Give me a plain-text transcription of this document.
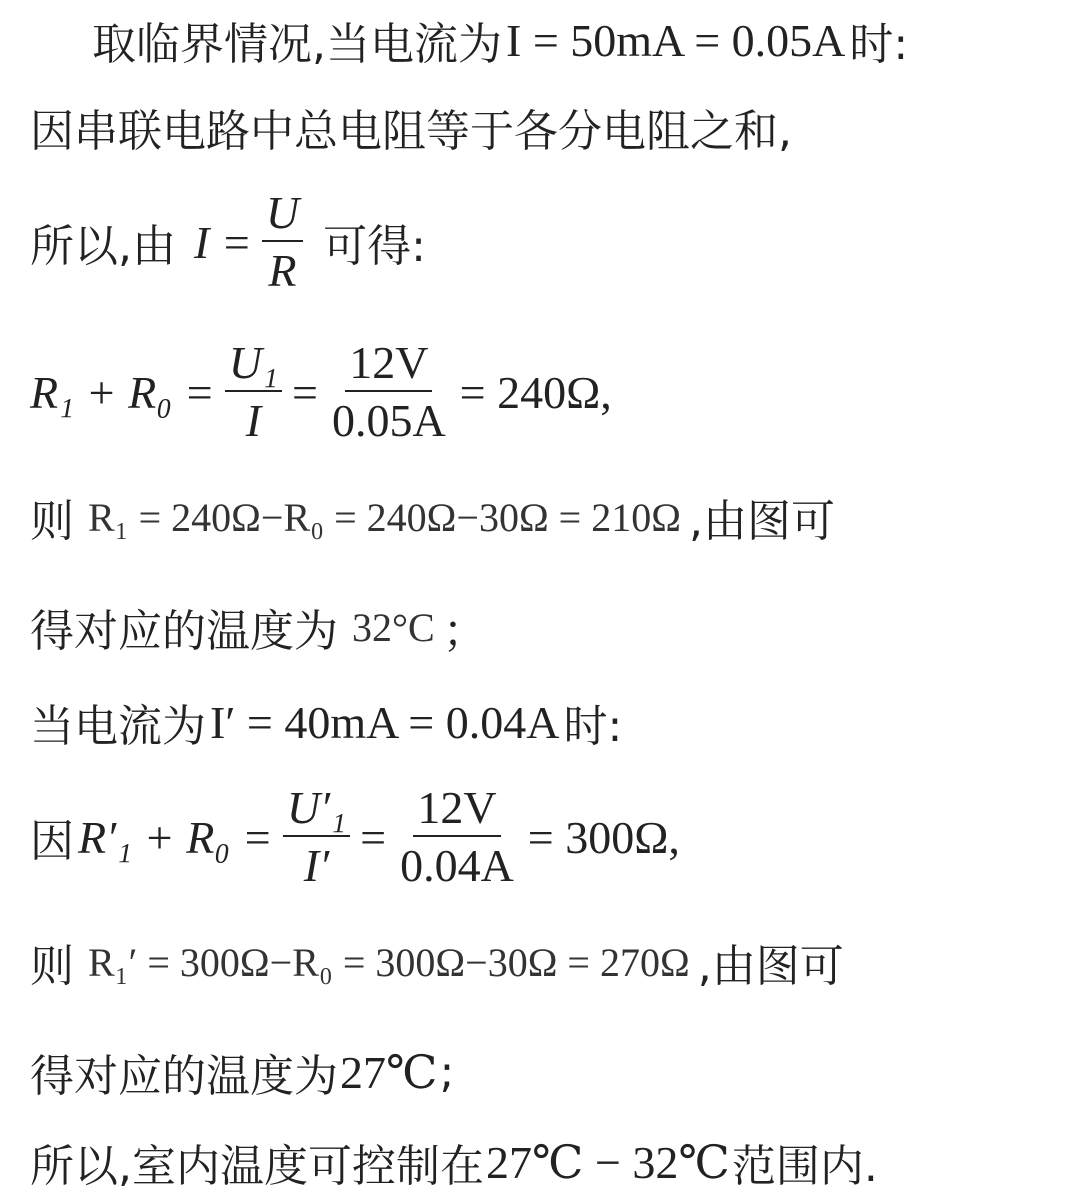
取临界情况,当电流为 I = 50mA = 0.05A 时:
因串联电路中总电阻等于各分电阻之和,
所以,由 $I = \frac{U}{R}$ 可得:
$R_1 + R_0 = \frac{\text{U₁}}{I} = \frac{12V}{0.05A} = 240\Omega$,
则 R₁ = 240Ω−R₀ = 240Ω−30Ω = 210Ω ,由图可
得对应的温度为 32°C ；
当电流为 I′ = 40mA = 0.04A 时:
因 $R'_1 + R_0 = \frac{\text{U′₁}}{I'} = \frac{12V}{0.04A} = 300\Omega$,
则 R₁′ = 300Ω−R₀ = 300Ω−30Ω = 270Ω ,由图可
得对应的温度为 27℃ ;
所以,室内温度可控制在 27℃ − 32℃ 范围内.
